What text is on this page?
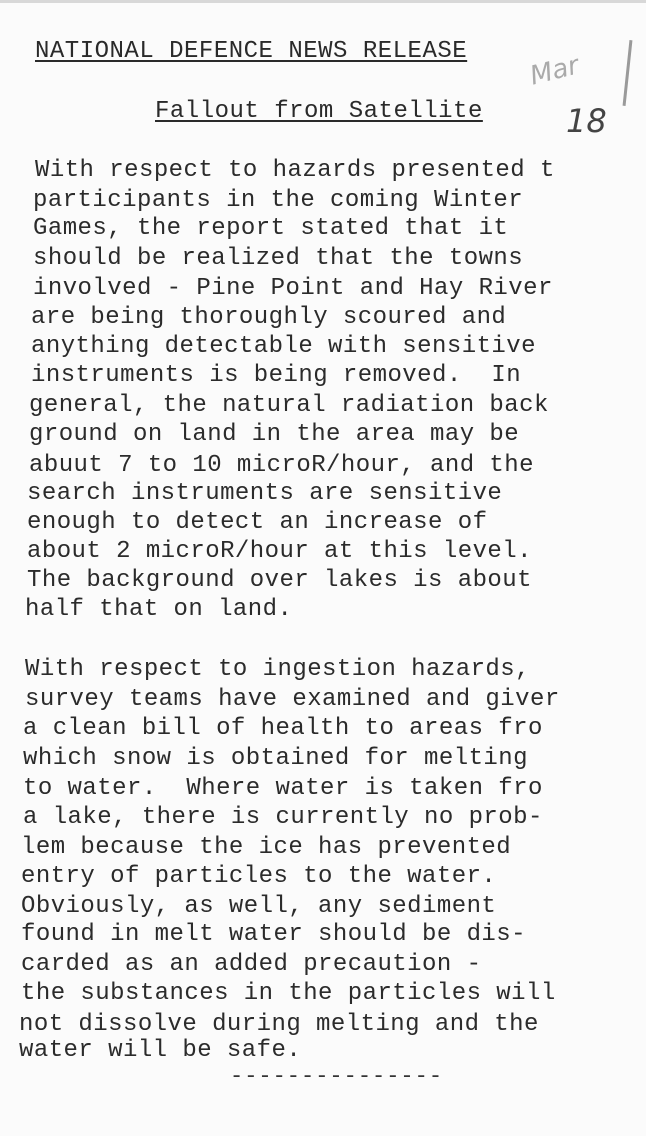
NATIONAL DEFENCE NEWS RELEASE Mar
Fallout from Satellite	18
With respect to hazards presented t
participants in the coming Winter
Games, the report stated that it
should be realized that the towns
involved - Pine Point and Hay River
are being thoroughly scoured and
anything detectable with sensitive
instruments is being removed.  In
general, the natural radiation back
ground on land in the area may be
abuut 7 to 10 microR/hour, and the
search instruments are sensitive
enough to detect an increase of
about 2 microR/hour at this level.
The background over lakes is about
half that on land.
With respect to ingestion hazards,
survey teams have examined and giver
a clean bill of health to areas fro
which snow is obtained for melting
to water.  Where water is taken fro
a lake, there is currently no prob-
lem because the ice has prevented
entry of particles to the water.
Obviously, as well, any sediment
found in melt water should be dis-
carded as an added precaution -
the substances in the particles will
not dissolve during melting and the
water will be safe.
---------------
